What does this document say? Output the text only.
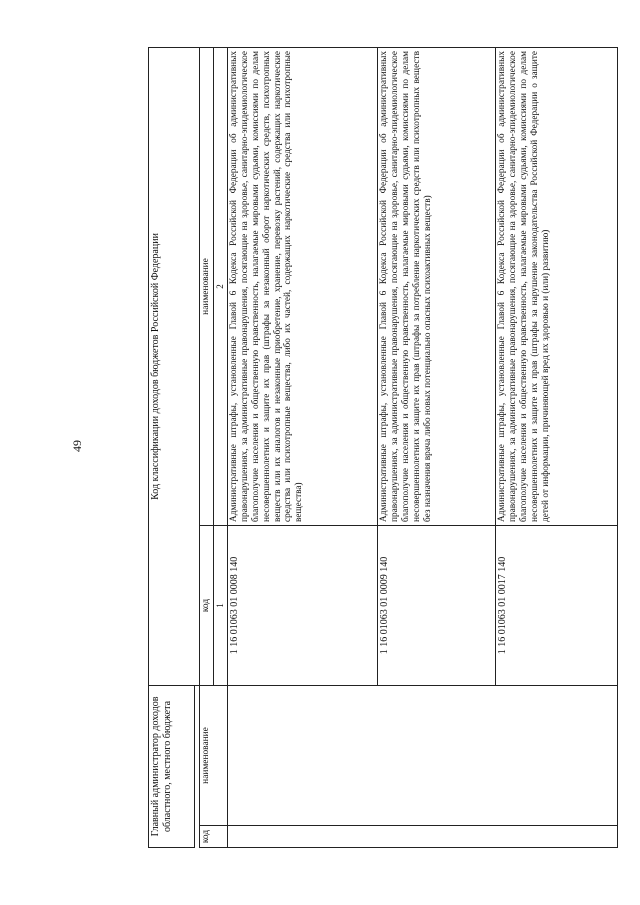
49
Главный администратор доходов областного, местного бюджета		Код классификации доходов бюджетов Российской Федерации	

код	наименование	код	наименование
		1	2
		1 16 01063 01 0008 140	Административные штрафы, установленные Главой 6 Кодекса Российской Федерации об административных правонарушениях, за административные правонарушения, посягающие на здоровье, санитарно-эпидемиологическое благополучие населения и общественную нравственность, налагаемые мировыми судьями, комиссиями по делам несовершеннолетних и защите их прав (штрафы за незаконный оборот наркотических средств, психотропных веществ или их аналогов и незаконные приобретение, хранение, перевозку растений, содержащих наркотические средства или психотропные вещества, либо их частей, содержащих наркотические средства или психотропные вещества)
		1 16 01063 01 0009 140	Административные штрафы, установленные Главой 6 Кодекса Российской Федерации об административных правонарушениях, за административные правонарушения, посягающие на здоровье, санитарно-эпидемиологическое благополучие населения и общественную нравственность, налагаемые мировыми судьями, комиссиями по делам несовершеннолетних и защите их прав (штрафы за потребление наркотических средств или психотропных веществ без назначения врача либо новых потенциально опасных психоактивных веществ)
		1 16 01063 01 0017 140	Административные штрафы, установленные Главой 6 Кодекса Российской Федерации об административных правонарушениях, за административные правонарушения, посягающие на здоровье, санитарно-эпидемиологическое благополучие населения и общественную нравственность, налагаемые мировыми судьями, комиссиями по делам несовершеннолетних и защите их прав (штрафы за нарушение законодательства Российской Федерации о защите детей от информации, причиняющей вред их здоровью и (или) развитию)
